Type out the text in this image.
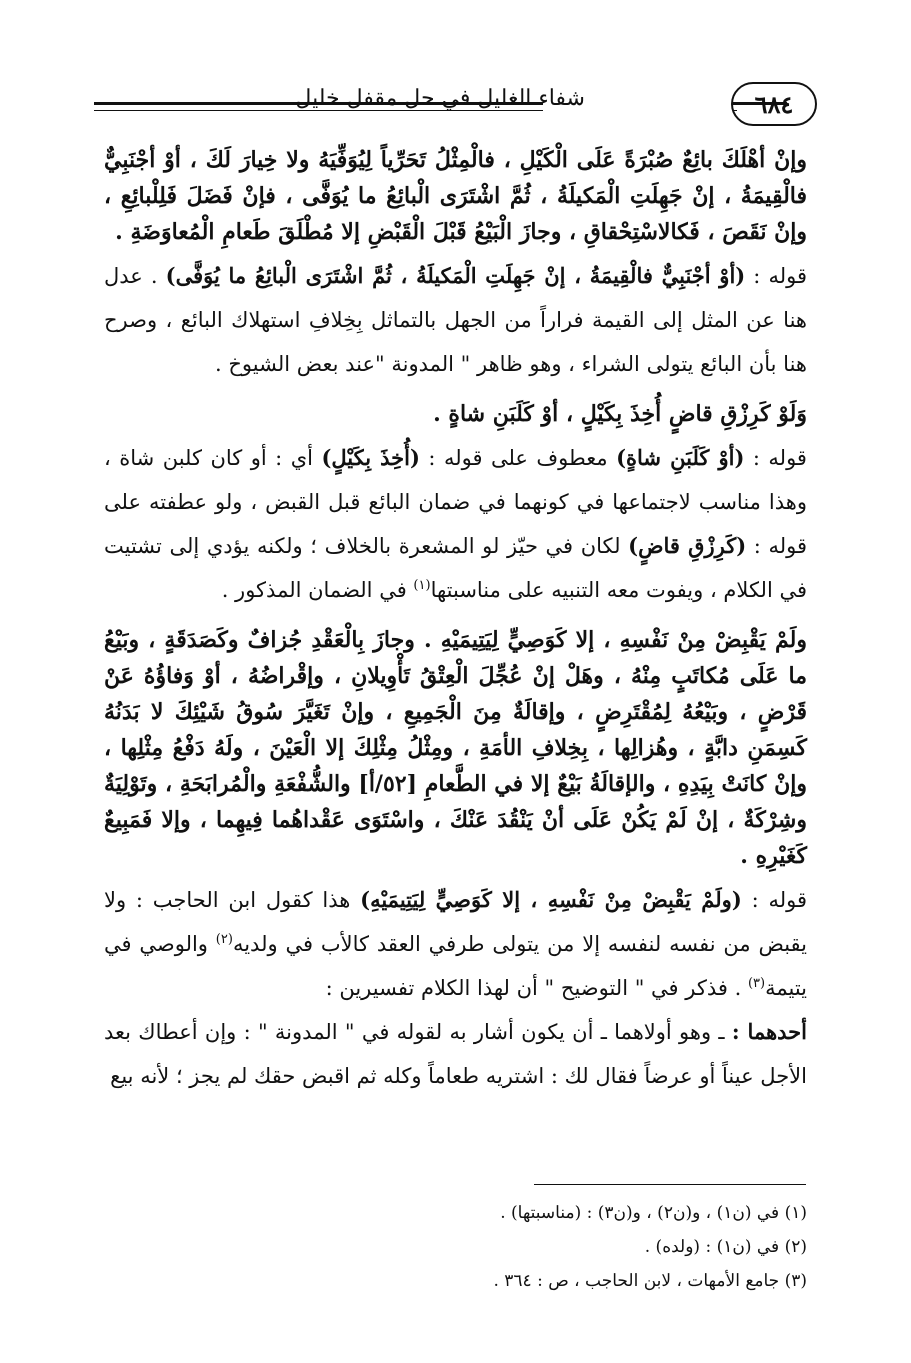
٦٨٤
شفاء الغليل في حل مقفل خليل

وإنْ أهْلَكَ بائِعٌ صُبْرَةً عَلَى الْكَيْلِ ، فالْمِثْلُ تَحَرِّياً لِيُوَفِّيَهُ ولا خِيارَ لَكَ ، أوْ أجْنَبِيٌّ فالْقِيمَةُ ، إنْ جَهِلَتِ الْمَكيلَةُ ، ثُمَّ اشْتَرَى الْبائِعُ ما يُوَفَّى ، فإنْ فَضَلَ فَلِلْبائِعِ ، وإنْ نَقَصَ ، فَكالاسْتِحْقاقِ ، وجازَ الْبَيْعُ قَبْلَ الْقَبْضِ إلا مُطْلَقَ طَعامِ الْمُعاوَضَةِ .

قوله : (أوْ أجْنَبِيٌّ فالْقِيمَةُ ، إنْ جَهِلَتِ الْمَكيلَةُ ، ثُمَّ اشْتَرَى الْبائِعُ ما يُوَفَّى) . عدل هنا عن المثل إلى القيمة فراراً من الجهل بالتماثل بِخِلافِ استهلاك البائع ، وصرح هنا بأن البائع يتولى الشراء ، وهو ظاهر " المدونة "عند بعض الشيوخ .

وَلَوْ كَرِزْقِ قاضٍ أُخِذَ بِكَيْلٍ ، أوْ كَلَبَنِ شاةٍ .

قوله : (أوْ كَلَبَنِ شاةٍ) معطوف على قوله : (أُخِذَ بِكَيْلٍ) أي : أو كان كلبن شاة ، وهذا مناسب لاجتماعها في كونهما في ضمان البائع قبل القبض ، ولو عطفته على قوله : (كَرِزْقِ قاضٍ) لكان في حيّز لو المشعرة بالخلاف ؛ ولكنه يؤدي إلى تشتيت في الكلام ، ويفوت معه التنبيه على مناسبتها$^{(١)}$ في الضمان المذكور .

ولَمْ يَقْبِضْ مِنْ نَفْسِهِ ، إلا كَوَصِيٍّ لِيَتِيمَيْهِ . وجازَ بِالْعَقْدِ جُزافٌ وكَصَدَقَةٍ ، وبَيْعُ ما عَلَى مُكاتَبٍ مِنْهُ ، وهَلْ إنْ عُجِّلَ الْعِتْقُ تَأْوِيلانِ ، وإقْراضُهُ ، أوْ وَفاؤُهُ عَنْ قَرْضٍ ، وبَيْعُهُ لِمُقْتَرِضٍ ، وإقالَةٌ مِنَ الْجَمِيعِ ، وإنْ تَغَيَّرَ سُوقُ شَيْئِكَ لا بَدَنُهُ كَسِمَنِ دابَّةٍ ، وهُزالِها ، بِخِلافِ الأمَةِ ، ومِثْلُ مِثْلِكَ إلا الْعَيْنَ ، ولَهُ دَفْعُ مِثْلِها ، وإنْ كانَتْ بِيَدِهِ ، والإقالَةُ بَيْعٌ إلا في الطَّعامِ [٥٢/أ] والشُّفْعَةِ والْمُرابَحَةِ ، وتَوْلِيَةٌ وشِرْكَةٌ ، إنْ لَمْ يَكُنْ عَلَى أنْ يَنْقُدَ عَنْكَ ، واسْتَوَى عَقْداهُما فِيهِما ، وإلا فَمَبِيعٌ كَغَيْرِهِ .

قوله : (ولَمْ يَقْبِضْ مِنْ نَفْسِهِ ، إلا كَوَصِيٍّ لِيَتِيمَيْهِ) هذا كقول ابن الحاجب : ولا يقبض من نفسه لنفسه إلا من يتولى طرفي العقد كالأب في ولديه$^{(٢)}$ والوصي في يتيمة$^{(٣)}$ . فذكر في " التوضيح " أن لهذا الكلام تفسيرين :

أحدهما : ـ وهو أولاهما ـ أن يكون أشار به لقوله في " المدونة " : وإن أعطاك بعد الأجل عيناً أو عرضاً فقال لك : اشتريه طعاماً وكله ثم اقبض حقك لم يجز ؛ لأنه بيع

(١) في (ن١) ، و(ن٢) ، و(ن٣) : (مناسبتها) .

(٢) في (ن١) : (ولده) .

(٣) جامع الأمهات ، لابن الحاجب ، ص : ٣٦٤ .
